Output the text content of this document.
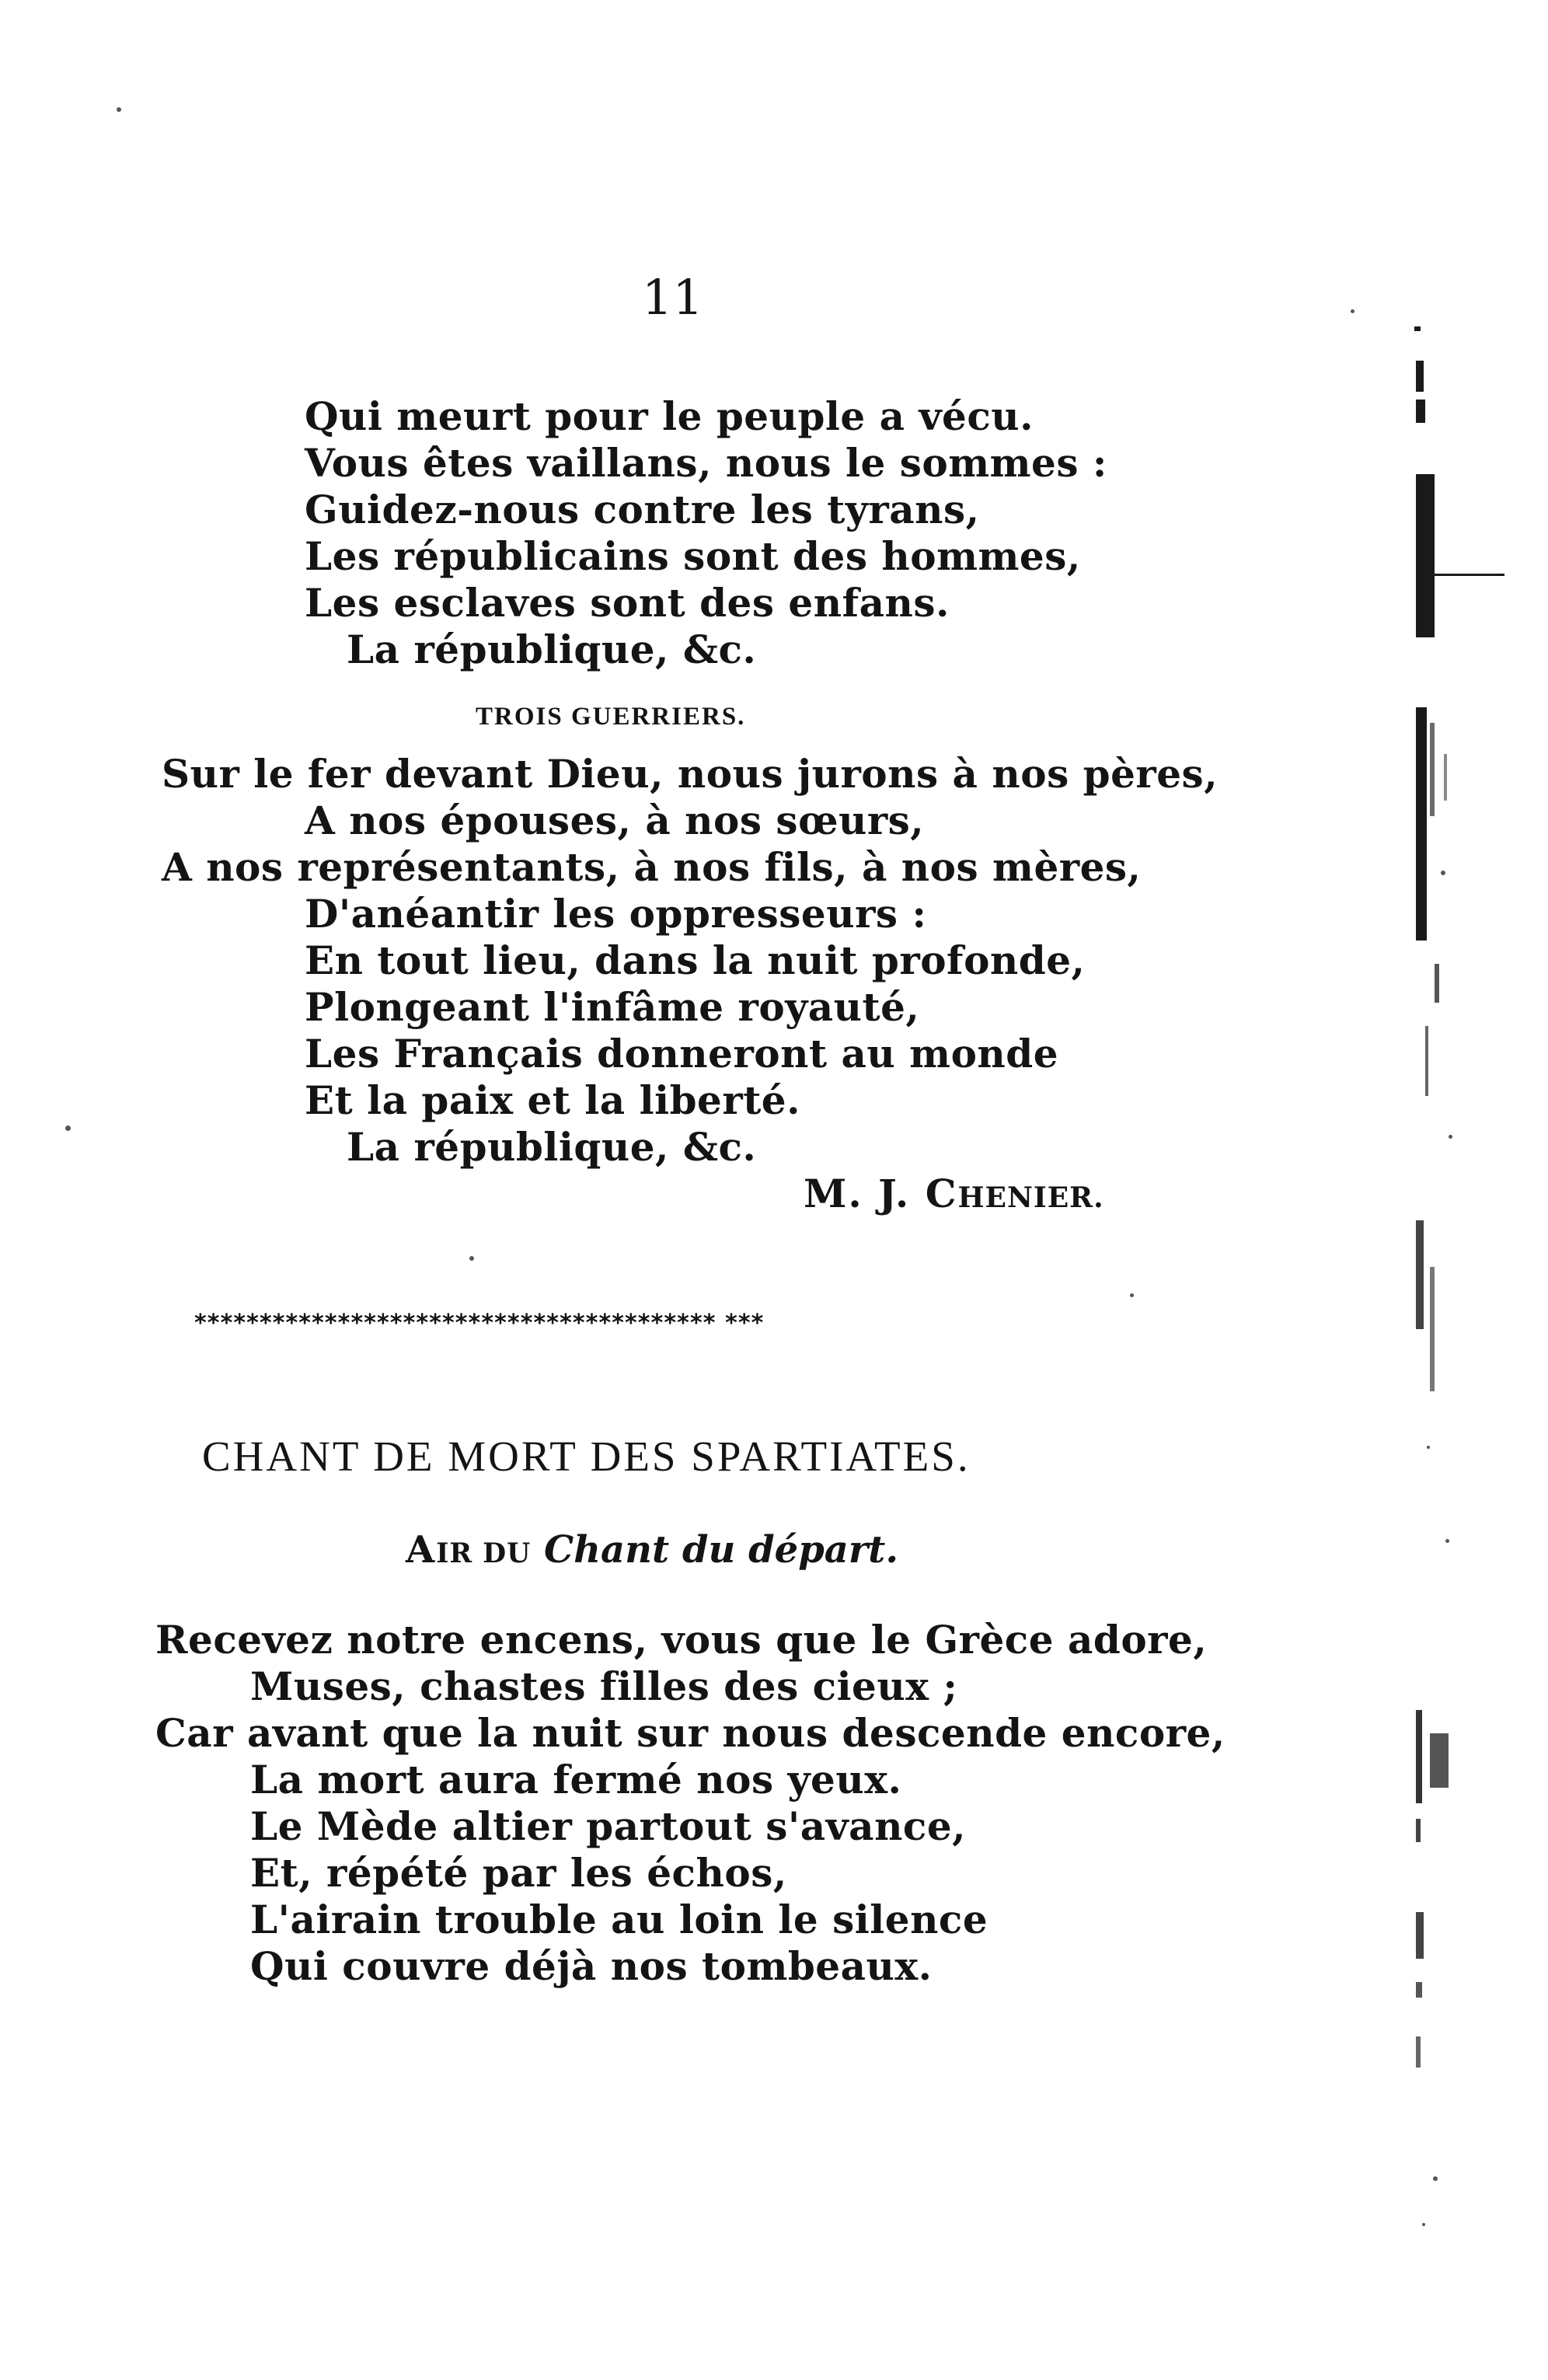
11
Qui meurt pour le peuple a vécu.
Vous êtes vaillans, nous le sommes :
Guidez-nous contre les tyrans,
Les républicains sont des hommes,
Les esclaves sont des enfans.
La république, &c.
TROIS GUERRIERS.
Sur le fer devant Dieu, nous jurons à nos pères,
A nos épouses, à nos sœurs,
A nos représentants, à nos fils, à nos mères,
D'anéantir les oppresseurs :
En tout lieu, dans la nuit profonde,
Plongeant l'infâme royauté,
Les Français donneront au monde
Et la paix et la liberté.
La république, &c.
M. J. CHENIER.
**************************************** ***
CHANT DE MORT DES SPARTIATES.
AIR DU Chant du départ.
Recevez notre encens, vous que le Grèce adore,
Muses, chastes filles des cieux ;
Car avant que la nuit sur nous descende encore,
La mort aura fermé nos yeux.
Le Mède altier partout s'avance,
Et, répété par les échos,
L'airain trouble au loin le silence
Qui couvre déjà nos tombeaux.
